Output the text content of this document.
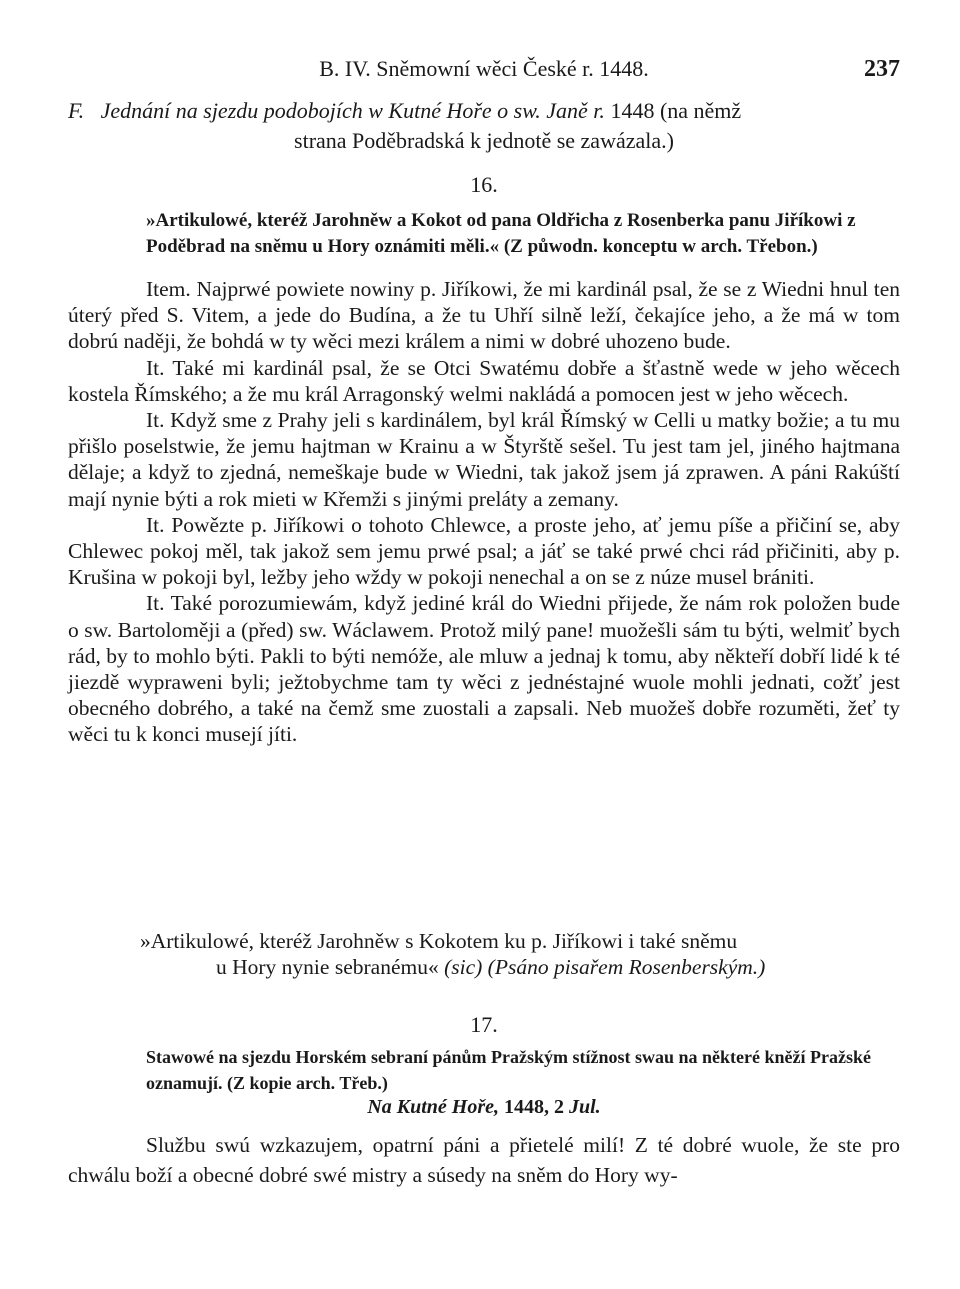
B. IV. Sněmowní wěci České r. 1448.	237
F. Jednání na sjezdu podobojích w Kutné Hoře o sw. Janě r. 1448 (na němž
strana Poděbradská k jednotě se zawázala.)
16.
»Artikulowé, kteréž Jarohněw a Kokot od pana Oldřicha z Rosenberka panu Jiříkowi z Poděbrad na sněmu u Hory oznámiti měli.« (Z půwodn. konceptu w arch. Třebon.)

Item. Najprwé powiete nowiny p. Jiříkowi, že mi kardinál psal, že se z Wiedni hnul ten úterý před S. Vitem, a jede do Budína, a že tu Uhří silně leží, čekajíce jeho, a že má w tom dobrú naději, že bohdá w ty wěci mezi králem a nimi w dobré uhozeno bude.

It. Také mi kardinál psal, že se Otci Swatému dobře a šťastně wede w jeho wěcech kostela Římského; a že mu král Arragonský welmi nakládá a pomocen jest w jeho wěcech.

It. Když sme z Prahy jeli s kardinálem, byl král Římský w Celli u matky božie; a tu mu přišlo poselstwie, že jemu hajtman w Krainu a w Štyrště sešel. Tu jest tam jel, jiného hajtmana dělaje; a když to zjedná, nemeškaje bude w Wiedni, tak jakož jsem já zprawen. A páni Rakúští mají nynie býti a rok mieti w Křemži s jinými preláty a zemany.

It. Powězte p. Jiříkowi o tohoto Chlewce, a proste jeho, ať jemu píše a přičiní se, aby Chlewec pokoj měl, tak jakož sem jemu prwé psal; a jáť se také prwé chci rád přičiniti, aby p. Krušina w pokoji byl, ležby jeho wždy w pokoji nenechal a on se z núze musel brániti.

It. Také porozumiewám, když jediné král do Wiedni přijede, že nám rok položen bude o sw. Bartoloměji a (před) sw. Wáclawem. Protož milý pane! muožešli sám tu býti, welmiť bych rád, by to mohlo býti. Pakli to býti nemóže, ale mluw a jednaj k tomu, aby někteří dobří lidé k té jiezdě wypraweni byli; ježtobychme tam ty wěci z jednéstajné wuole mohli jednati, cožť jest obecného dobrého, a také na čemž sme zuostali a zapsali. Neb muožeš dobře rozuměti, žeť ty wěci tu k konci musejí jíti.

»Artikulowé, kteréž Jarohněw s Kokotem ku p. Jiříkowi i také sněmu
u Hory nynie sebranému« (sic) (Psáno pisařem Rosenberským.)
17.
Stawowé na sjezdu Horském sebraní pánům Pražským stížnost swau na některé kněží Pražské oznamují. (Z kopie arch. Třeb.)
Na Kutné Hoře, 1448, 2 Jul.

Službu swú wzkazujem, opatrní páni a přietelé milí! Z té dobré wuole, že ste pro chwálu boží a obecné dobré swé mistry a súsedy na sněm do Hory wy-
